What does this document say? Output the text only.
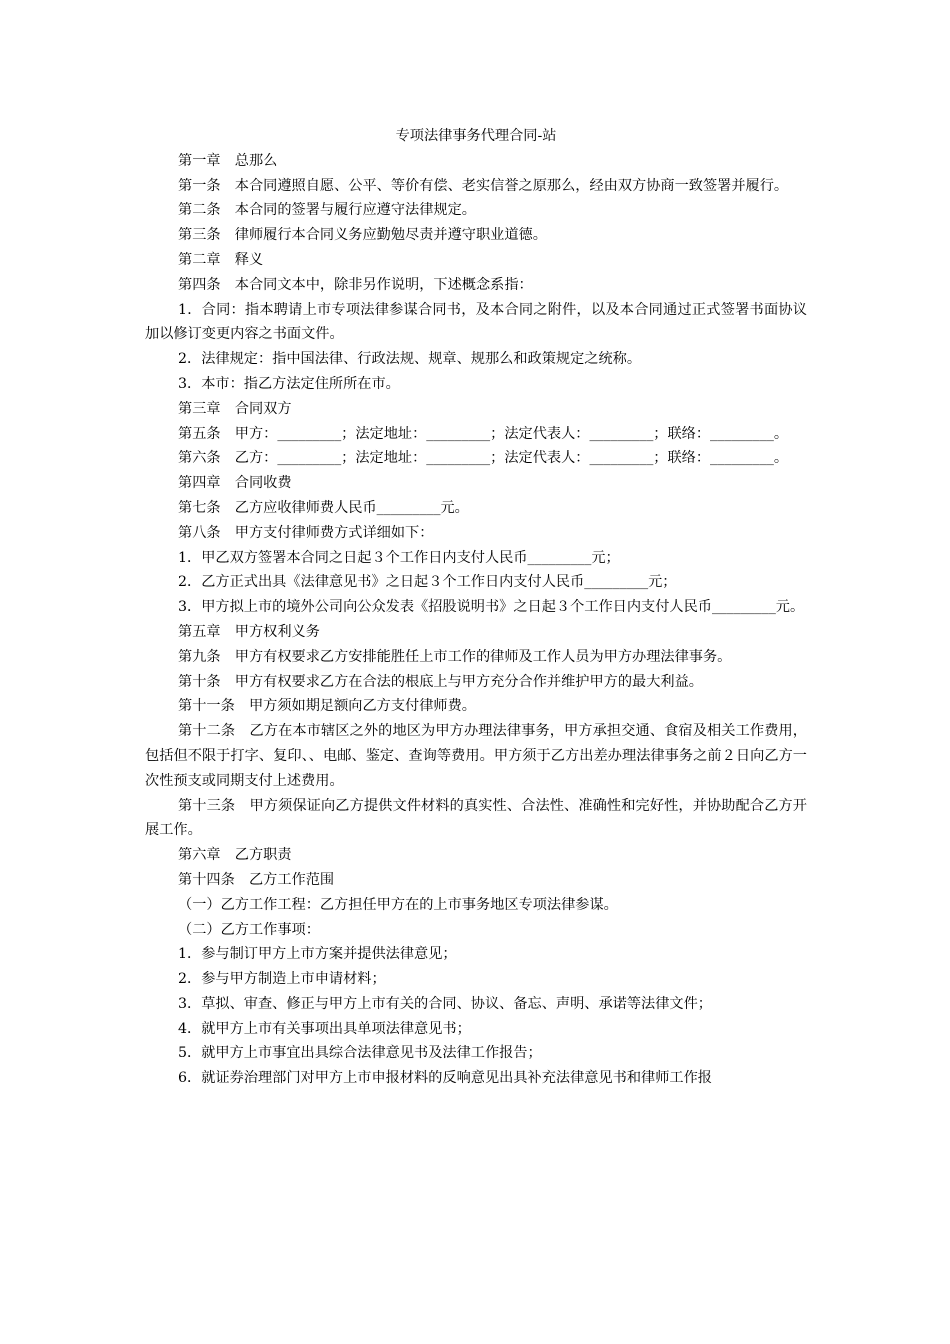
专项法律事务代理合同-站

第一章　总那么

第一条　本合同遵照自愿、公平、等价有偿、老实信誉之原那么，经由双方协商一致签署并履行。

第二条　本合同的签署与履行应遵守法律规定。

第三条　律师履行本合同义务应勤勉尽责并遵守职业道德。

第二章　释义

第四条　本合同文本中，除非另作说明，下述概念系指：

1．合同：指本聘请上市专项法律参谋合同书，及本合同之附件，以及本合同通过正式签署书面协议加以修订变更内容之书面文件。

2．法律规定：指中国法律、行政法规、规章、规那么和政策规定之统称。

3．本市：指乙方法定住所所在市。

第三章　合同双方

第五条　甲方：_________；法定地址：_________；法定代表人：_________；联络：_________。

第六条　乙方：_________；法定地址：_________；法定代表人：_________；联络：_________。

第四章　合同收费

第七条　乙方应收律师费人民币_________元。

第八条　甲方支付律师费方式详细如下：

1．甲乙双方签署本合同之日起３个工作日内支付人民币_________元；

2．乙方正式出具《法律意见书》之日起３个工作日内支付人民币_________元；

3．甲方拟上市的境外公司向公众发表《招股说明书》之日起３个工作日内支付人民币_________元。

第五章　甲方权利义务

第九条　甲方有权要求乙方安排能胜任上市工作的律师及工作人员为甲方办理法律事务。

第十条　甲方有权要求乙方在合法的根底上与甲方充分合作并维护甲方的最大利益。

第十一条　甲方须如期足额向乙方支付律师费。

第十二条　乙方在本市辖区之外的地区为甲方办理法律事务，甲方承担交通、食宿及相关工作费用，包括但不限于打字、复印、、电邮、鉴定、查询等费用。甲方须于乙方出差办理法律事务之前２日向乙方一次性预支或同期支付上述费用。

第十三条　甲方须保证向乙方提供文件材料的真实性、合法性、准确性和完好性，并协助配合乙方开展工作。

第六章　乙方职责

第十四条　乙方工作范围

（一）乙方工作工程：乙方担任甲方在的上市事务地区专项法律参谋。

（二）乙方工作事项：

1．参与制订甲方上市方案并提供法律意见；

2．参与甲方制造上市申请材料；

3．草拟、审查、修正与甲方上市有关的合同、协议、备忘、声明、承诺等法律文件；

4．就甲方上市有关事项出具单项法律意见书；

5．就甲方上市事宜出具综合法律意见书及法律工作报告；

6．就证券治理部门对甲方上市申报材料的反响意见出具补充法律意见书和律师工作报
